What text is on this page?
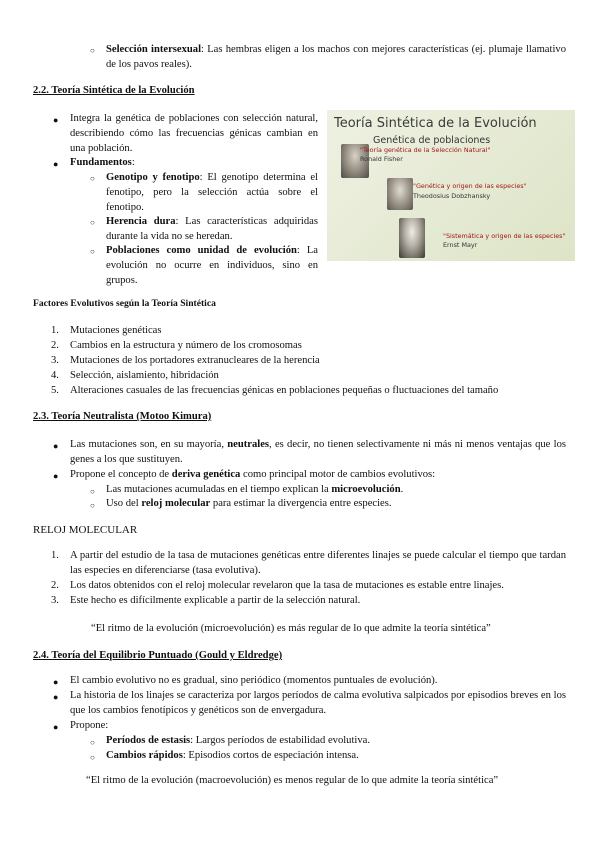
○ Selección intersexual: Las hembras eligen a los machos con mejores características (ej. plumaje llamativo de los pavos reales).

2.2. Teoría Sintética de la Evolución
● Integra la genética de poblaciones con selección natural, describiendo cómo las frecuencias génicas cambian en una población.

● Fundamentos:

○ Genotipo y fenotipo: El genotipo determina el fenotipo, pero la selección actúa sobre el fenotipo.

○ Herencia dura: Las características adquiridas durante la vida no se heredan.

○ Poblaciones como unidad de evolución: La evolución no ocurre en individuos, sino en grupos.

Teoría Sintética de la Evolución
Genética de poblaciones
"Teoría genética de la Selección Natural"
Ronald Fisher
"Genética y origen de las especies"
Theodosius Dobzhansky
"Sistemática y origen de las especies"
Ernst Mayr
Factores Evolutivos según la Teoría Sintética
1. Mutaciones genéticas

2. Cambios en la estructura y número de los cromosomas

3. Mutaciones de los portadores extranucleares de la herencia

4. Selección, aislamiento, hibridación

5. Alteraciones casuales de las frecuencias génicas en poblaciones pequeñas o fluctuaciones del tamaño

2.3. Teoría Neutralista (Motoo Kimura)
● Las mutaciones son, en su mayoría, neutrales, es decir, no tienen selectivamente ni más ni menos ventajas que los genes a los que sustituyen.

● Propone el concepto de deriva genética como principal motor de cambios evolutivos:

○ Las mutaciones acumuladas en el tiempo explican la microevolución.

○ Uso del reloj molecular para estimar la divergencia entre especies.

RELOJ MOLECULAR
1. A partir del estudio de la tasa de mutaciones genéticas entre diferentes linajes se puede calcular el tiempo que tardan las especies en diferenciarse (tasa evolutiva).

2. Los datos obtenidos con el reloj molecular revelaron que la tasa de mutaciones es estable entre linajes.

3. Este hecho es difícilmente explicable a partir de la selección natural.

“El ritmo de la evolución (microevolución) es más regular de lo que admite la teoría sintética”

2.4. Teoría del Equilibrio Puntuado (Gould y Eldredge)
● El cambio evolutivo no es gradual, sino periódico (momentos puntuales de evolución).

● La historia de los linajes se caracteriza por largos períodos de calma evolutiva salpicados por episodios breves en los que los cambios fenotípicos y genéticos son de envergadura.

● Propone:

○ Períodos de estasis: Largos períodos de estabilidad evolutiva.

○ Cambios rápidos: Episodios cortos de especiación intensa.

“El ritmo de la evolución (macroevolución) es menos regular de lo que admite la teoría sintética”
